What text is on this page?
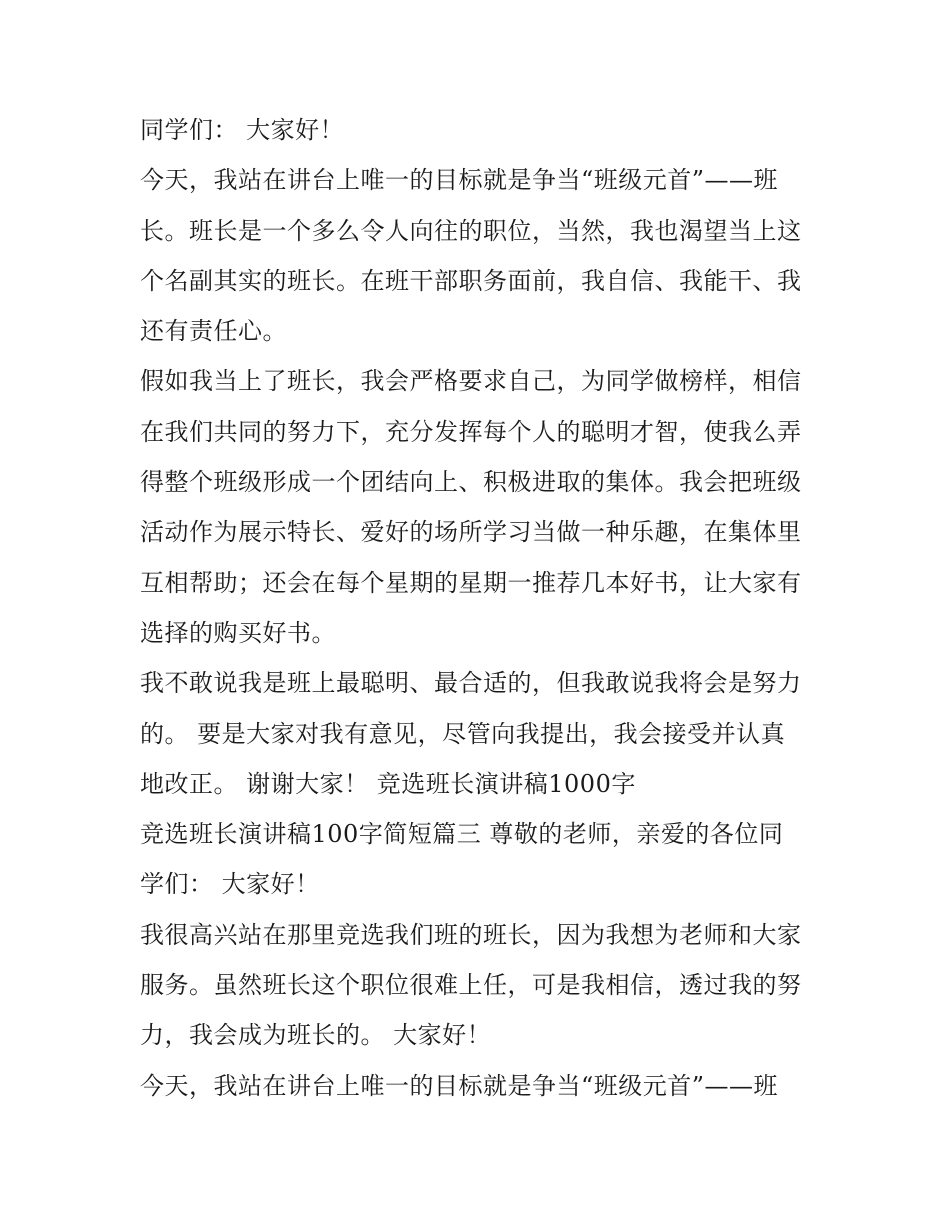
同学们： 大家好！
今天，我站在讲台上唯一的目标就是争当“班级元首”——班
长。班长是一个多么令人向往的职位，当然，我也渴望当上这
个名副其实的班长。在班干部职务面前，我自信、我能干、我
还有责任心。
假如我当上了班长，我会严格要求自己，为同学做榜样，相信
在我们共同的努力下，充分发挥每个人的聪明才智，使我么弄
得整个班级形成一个团结向上、积极进取的集体。我会把班级
活动作为展示特长、爱好的场所学习当做一种乐趣，在集体里
互相帮助；还会在每个星期的星期一推荐几本好书，让大家有
选择的购买好书。
我不敢说我是班上最聪明、最合适的，但我敢说我将会是努力
的。 要是大家对我有意见，尽管向我提出，我会接受并认真
地改正。 谢谢大家！ 竞选班长演讲稿1000字
竞选班长演讲稿100字简短篇三 尊敬的老师，亲爱的各位同
学们： 大家好！
我很高兴站在那里竞选我们班的班长，因为我想为老师和大家
服务。虽然班长这个职位很难上任，可是我相信，透过我的努
力，我会成为班长的。 大家好！
今天，我站在讲台上唯一的目标就是争当“班级元首”——班
